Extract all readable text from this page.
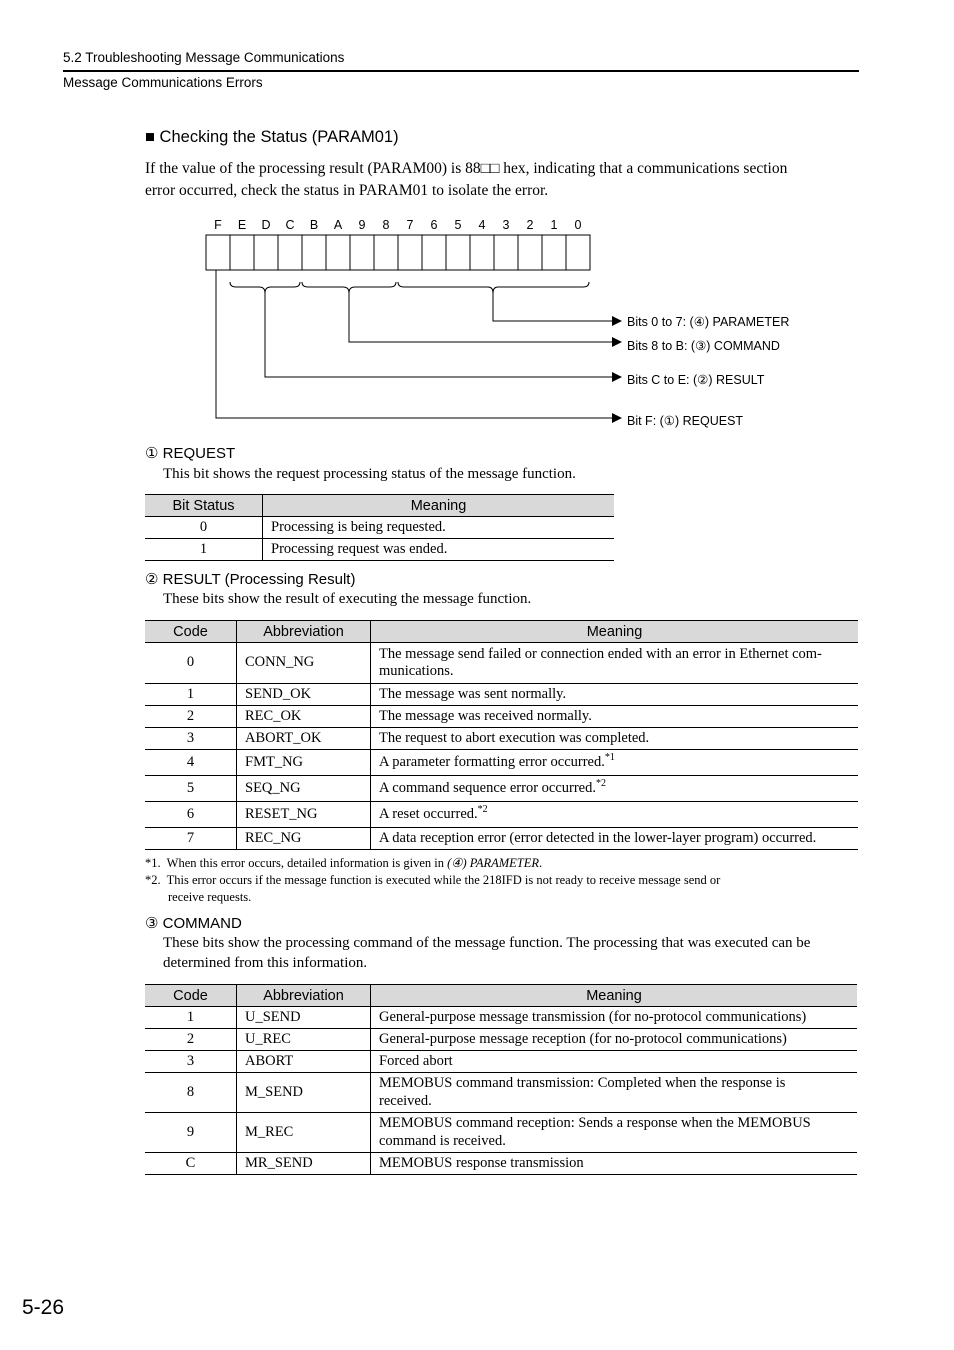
5.2 Troubleshooting Message Communications
Message Communications Errors
■ Checking the Status (PARAM01)
If the value of the processing result (PARAM00) is 88□□ hex, indicating that a communications section
error occurred, check the status in PARAM01 to isolate the error.
F E D C B A 9 8 7 6 5 4 3 2 1 0
Bits 0 to 7: (④) PARAMETER
Bits 8 to B: (③) COMMAND
Bits C to E: (②) RESULT
Bit F: (①) REQUEST
① REQUEST
This bit shows the request processing status of the message function.
Bit Status	Meaning
0	Processing is being requested.
1	Processing request was ended.
② RESULT (Processing Result)
These bits show the result of executing the message function.
Code	Abbreviation	Meaning
0	CONN_NG	The message send failed or connection ended with an error in Ethernet com-
munications.

1	SEND_OK	The message was sent normally.
2	REC_OK	The message was received normally.
3	ABORT_OK	The request to abort execution was completed.
4	FMT_NG	A parameter formatting error occurred.$^{*1}$
5	SEQ_NG	A command sequence error occurred.$^{*2}$
6	RESET_NG	A reset occurred.$^{*2}$
7	REC_NG	A data reception error (error detected in the lower-layer program) occurred.
*1. When this error occurs, detailed information is given in (④) PARAMETER.
*2. This error occurs if the message function is executed while the 218IFD is not ready to receive message send or
receive requests.
③ COMMAND
These bits show the processing command of the message function. The processing that was executed can be
determined from this information.
Code	Abbreviation	Meaning
1	U_SEND	General-purpose message transmission (for no-protocol communications)
2	U_REC	General-purpose message reception (for no-protocol communications)
3	ABORT	Forced abort
8	M_SEND	MEMOBUS command transmission: Completed when the response is
received.

9	M_REC	MEMOBUS command reception: Sends a response when the MEMOBUS
command is received.

C	MR_SEND	MEMOBUS response transmission
5-26
